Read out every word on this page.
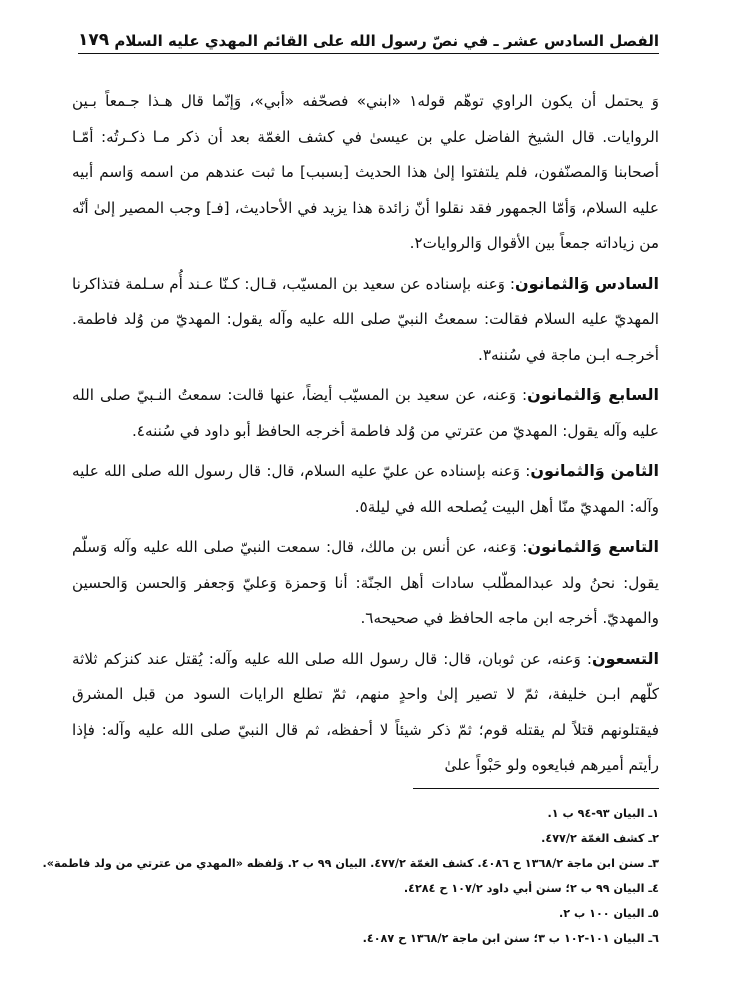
الفصل السادس عشر ـ في نصّ رسول الله على القائم المهدي عليه السلام
١٧٩

وَ يحتمل أن يكون الراوي توهّم قوله١ «ابني» فصحّفه «أبي»، وَإنّما قال هـذا جـمعاً بـين الروايات. قال الشيخ الفاضل علي بن عيسىٰ في كشف الغمّة بعد أن ذكر مـا ذكـرتُه: أمّـا أصحابنا وَالمصنّفون، فلم يلتفتوا إلىٰ هذا الحديث [بسبب] ما ثبت عندهم من اسمه وَاسم أبيه عليه السلام، وَأمّا الجمهور فقد نقلوا أنّ زائدة هذا يزيد في الأحاديث، [فـ] وجب المصير إلىٰ أنّه من زياداته جمعاً بين الأقوال وَالروايات٢.

السادس وَالثمانون: وَعنه بإسناده عن سعيد بن المسيّب، قـال: كـنّا عـند أُم سـلمة فتذاكرنا المهديّ عليه السلام فقالت: سمعتُ النبيّ صلى الله عليه وآله يقول: المهديّ من وُلد فاطمة. أخرجـه ابـن ماجة في سُننه٣.

السابع وَالثمانون: وَعنه، عن سعيد بن المسيّب أيضاً، عنها قالت: سمعتُ النـبيّ صلى الله عليه وآله يقول: المهديّ من عترتي من وُلد فاطمة أخرجه الحافظ أبو داود في سُننه٤.

الثامن وَالثمانون: وَعنه بإسناده عن عليّ عليه السلام، قال: قال رسول الله صلى الله عليه وآله: المهديّ منّا أهل البيت يُصلحه الله في ليلة٥.

التاسع وَالثمانون: وَعنه، عن أنس بن مالك، قال: سمعت النبيّ صلى الله عليه وآله وَسلّم يقول: نحنُ ولد عبدالمطّلب سادات أهل الجنّة: أنا وَحمزة وَعليّ وَجعفر وَالحسن وَالحسين والمهديّ. أخرجه ابن ماجه الحافظ في صحيحه٦.

التسعون: وَعنه، عن ثوبان، قال: قال رسول الله صلى الله عليه وآله: يُقتل عند كنزكم ثلاثة كلّهم ابـن خليفة، ثمّ لا تصير إلىٰ واحدٍ منهم، ثمّ تطلع الرايات السود من قبل المشرق فيقتلونهم قتلاً لم يقتله قوم؛ ثمّ ذكر شيئاً لا أحفظه، ثم قال النبيّ صلى الله عليه وآله: فإذا رأيتم أميرهم فبايعوه ولو حَبْواً علىٰ

١ـ البيان ٩٣-٩٤ ب ١.
٢ـ كشف الغمّة ٤٧٧/٢.
٣ـ سنن ابن ماجة ١٣٦٨/٢ ح ٤٠٨٦. كشف الغمّة ٤٧٧/٢. البيان ٩٩ ب ٢. وَلفظه «المهدي من عترتي من ولد فاطمة».
٤ـ البيان ٩٩ ب ٢؛ سنن أبي داود ١٠٧/٢ ح ٤٢٨٤.
٥ـ البيان ١٠٠ ب ٢.
٦ـ البيان ١٠١-١٠٢ ب ٣؛ سنن ابن ماجة ١٣٦٨/٢ ح ٤٠٨٧.
